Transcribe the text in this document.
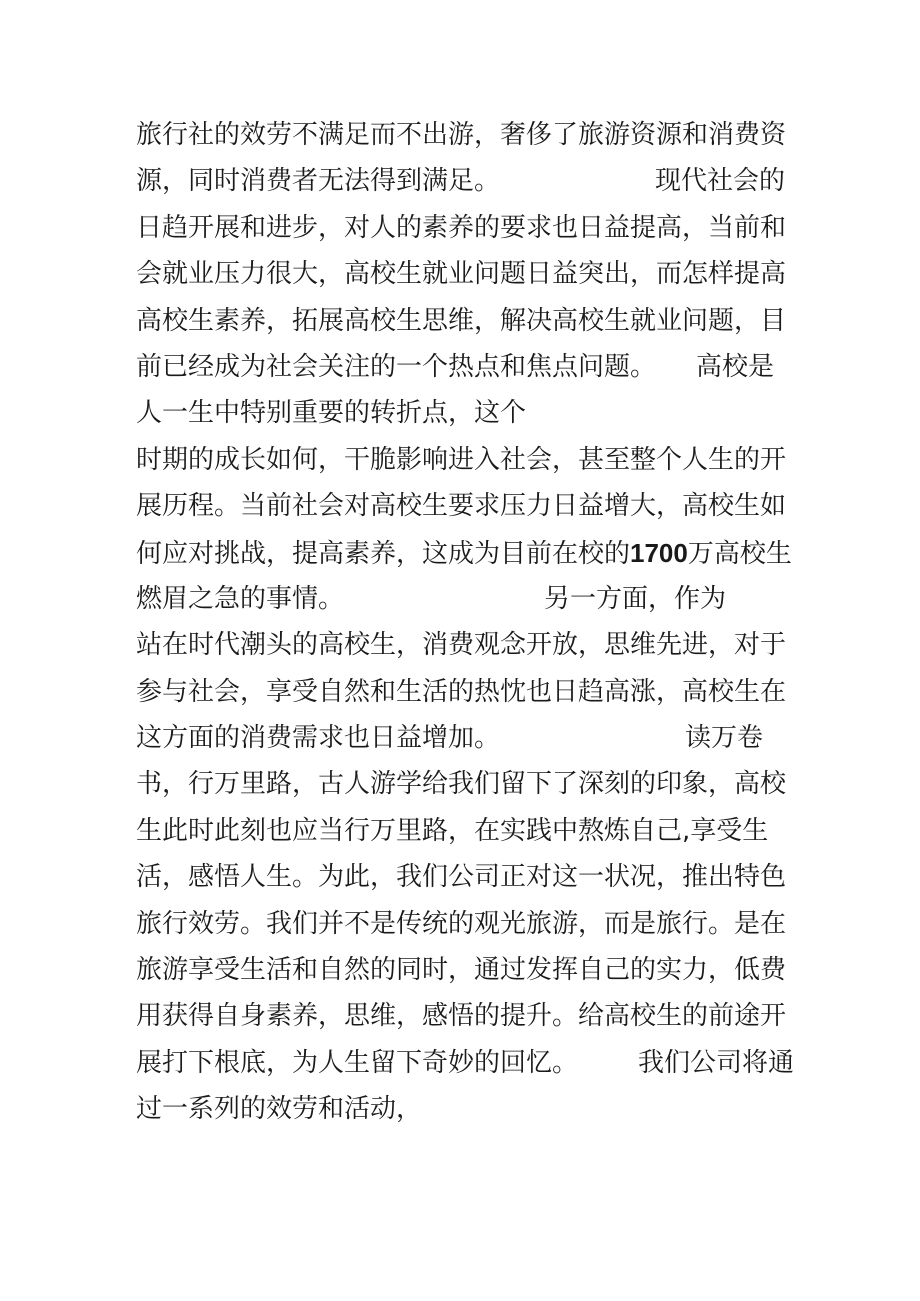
旅行社的效劳不满足而不出游，奢侈了旅游资源和消费资
源，同时消费者无法得到满足。	现代社会的
日趋开展和进步，对人的素养的要求也日益提高，当前和
会就业压力很大，高校生就业问题日益突出，而怎样提高
高校生素养，拓展高校生思维，解决高校生就业问题，目
前已经成为社会关注的一个热点和焦点问题。 高校是
人一生中特别重要的转折点，这个
时期的成长如何，干脆影响进入社会，甚至整个人生的开
展历程。当前社会对高校生要求压力日益增大，高校生如
何应对挑战，提高素养，这成为目前在校的1700万高校生
燃眉之急的事情。	另一方面，作为
站在时代潮头的高校生，消费观念开放，思维先进，对于
参与社会，享受自然和生活的热忱也日趋高涨，高校生在
这方面的消费需求也日益增加。	读万卷
书，行万里路，古人游学给我们留下了深刻的印象，高校
生此时此刻也应当行万里路，在实践中熬炼自己,享受生
活，感悟人生。为此，我们公司正对这一状况，推出特色
旅行效劳。我们并不是传统的观光旅游，而是旅行。是在
旅游享受生活和自然的同时，通过发挥自己的实力，低费
用获得自身素养，思维，感悟的提升。给高校生的前途开
展打下根底，为人生留下奇妙的回忆。 我们公司将通
过一系列的效劳和活动，
